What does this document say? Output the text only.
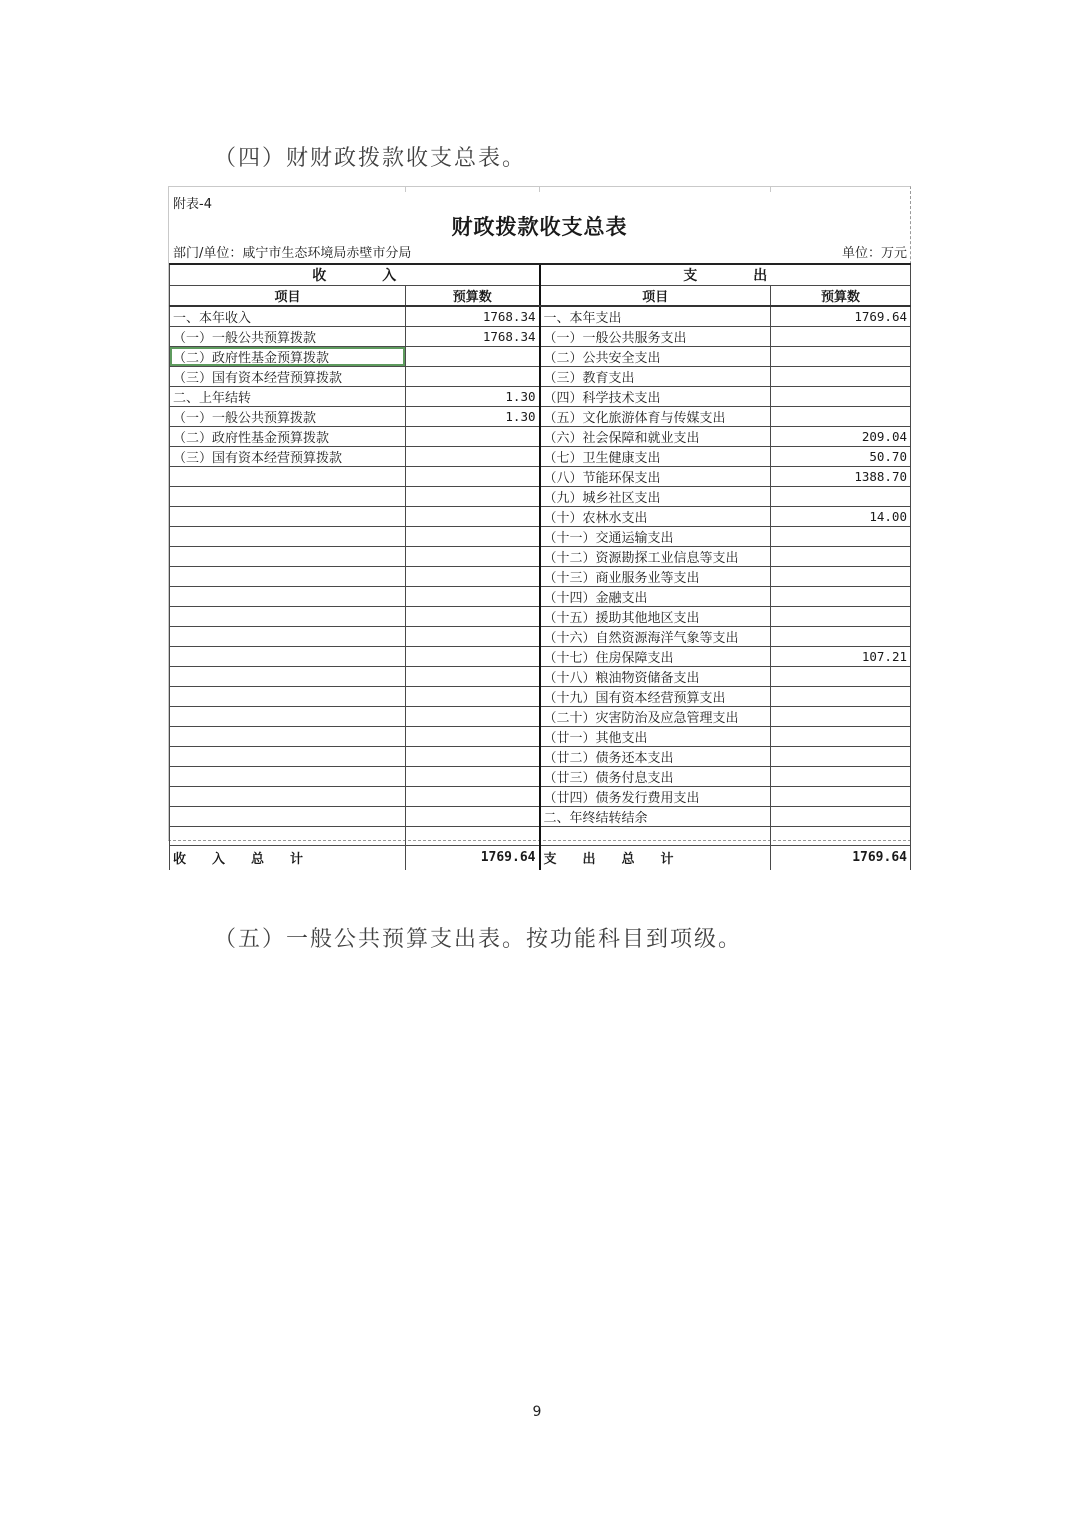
（四）财财政拨款收支总表。
附表-4
财政拨款收支总表
部门/单位：咸宁市生态环境局赤壁市分局	单位：万元
收　　　　入		支　　　　出	
项目	预算数	项目	预算数
一、本年收入	1768.34	一、本年支出	1769.64
（一）一般公共预算拨款	1768.34	（一）一般公共服务支出	
（二）政府性基金预算拨款		（二）公共安全支出	
（三）国有资本经营预算拨款		（三）教育支出	
二、上年结转	1.30	（四）科学技术支出	
（一）一般公共预算拨款	1.30	（五）文化旅游体育与传媒支出	
（二）政府性基金预算拨款		（六）社会保障和就业支出	209.04
（三）国有资本经营预算拨款		（七）卫生健康支出	50.70
		（八）节能环保支出	1388.70
		（九）城乡社区支出	
		（十）农林水支出	14.00
		（十一）交通运输支出	
		（十二）资源勘探工业信息等支出	
		（十三）商业服务业等支出	
		（十四）金融支出	
		（十五）援助其他地区支出	
		（十六）自然资源海洋气象等支出	
		（十七）住房保障支出	107.21
		（十八）粮油物资储备支出	
		（十九）国有资本经营预算支出	
		（二十）灾害防治及应急管理支出	
		（廿一）其他支出	
		（廿二）债务还本支出	
		（廿三）债务付息支出	
		（廿四）债务发行费用支出	
		二、年终结转结余	

收　　入　　总　　计	1769.64	支　　出　　总　　计	1769.64
（五）一般公共预算支出表。按功能科目到项级。
9
